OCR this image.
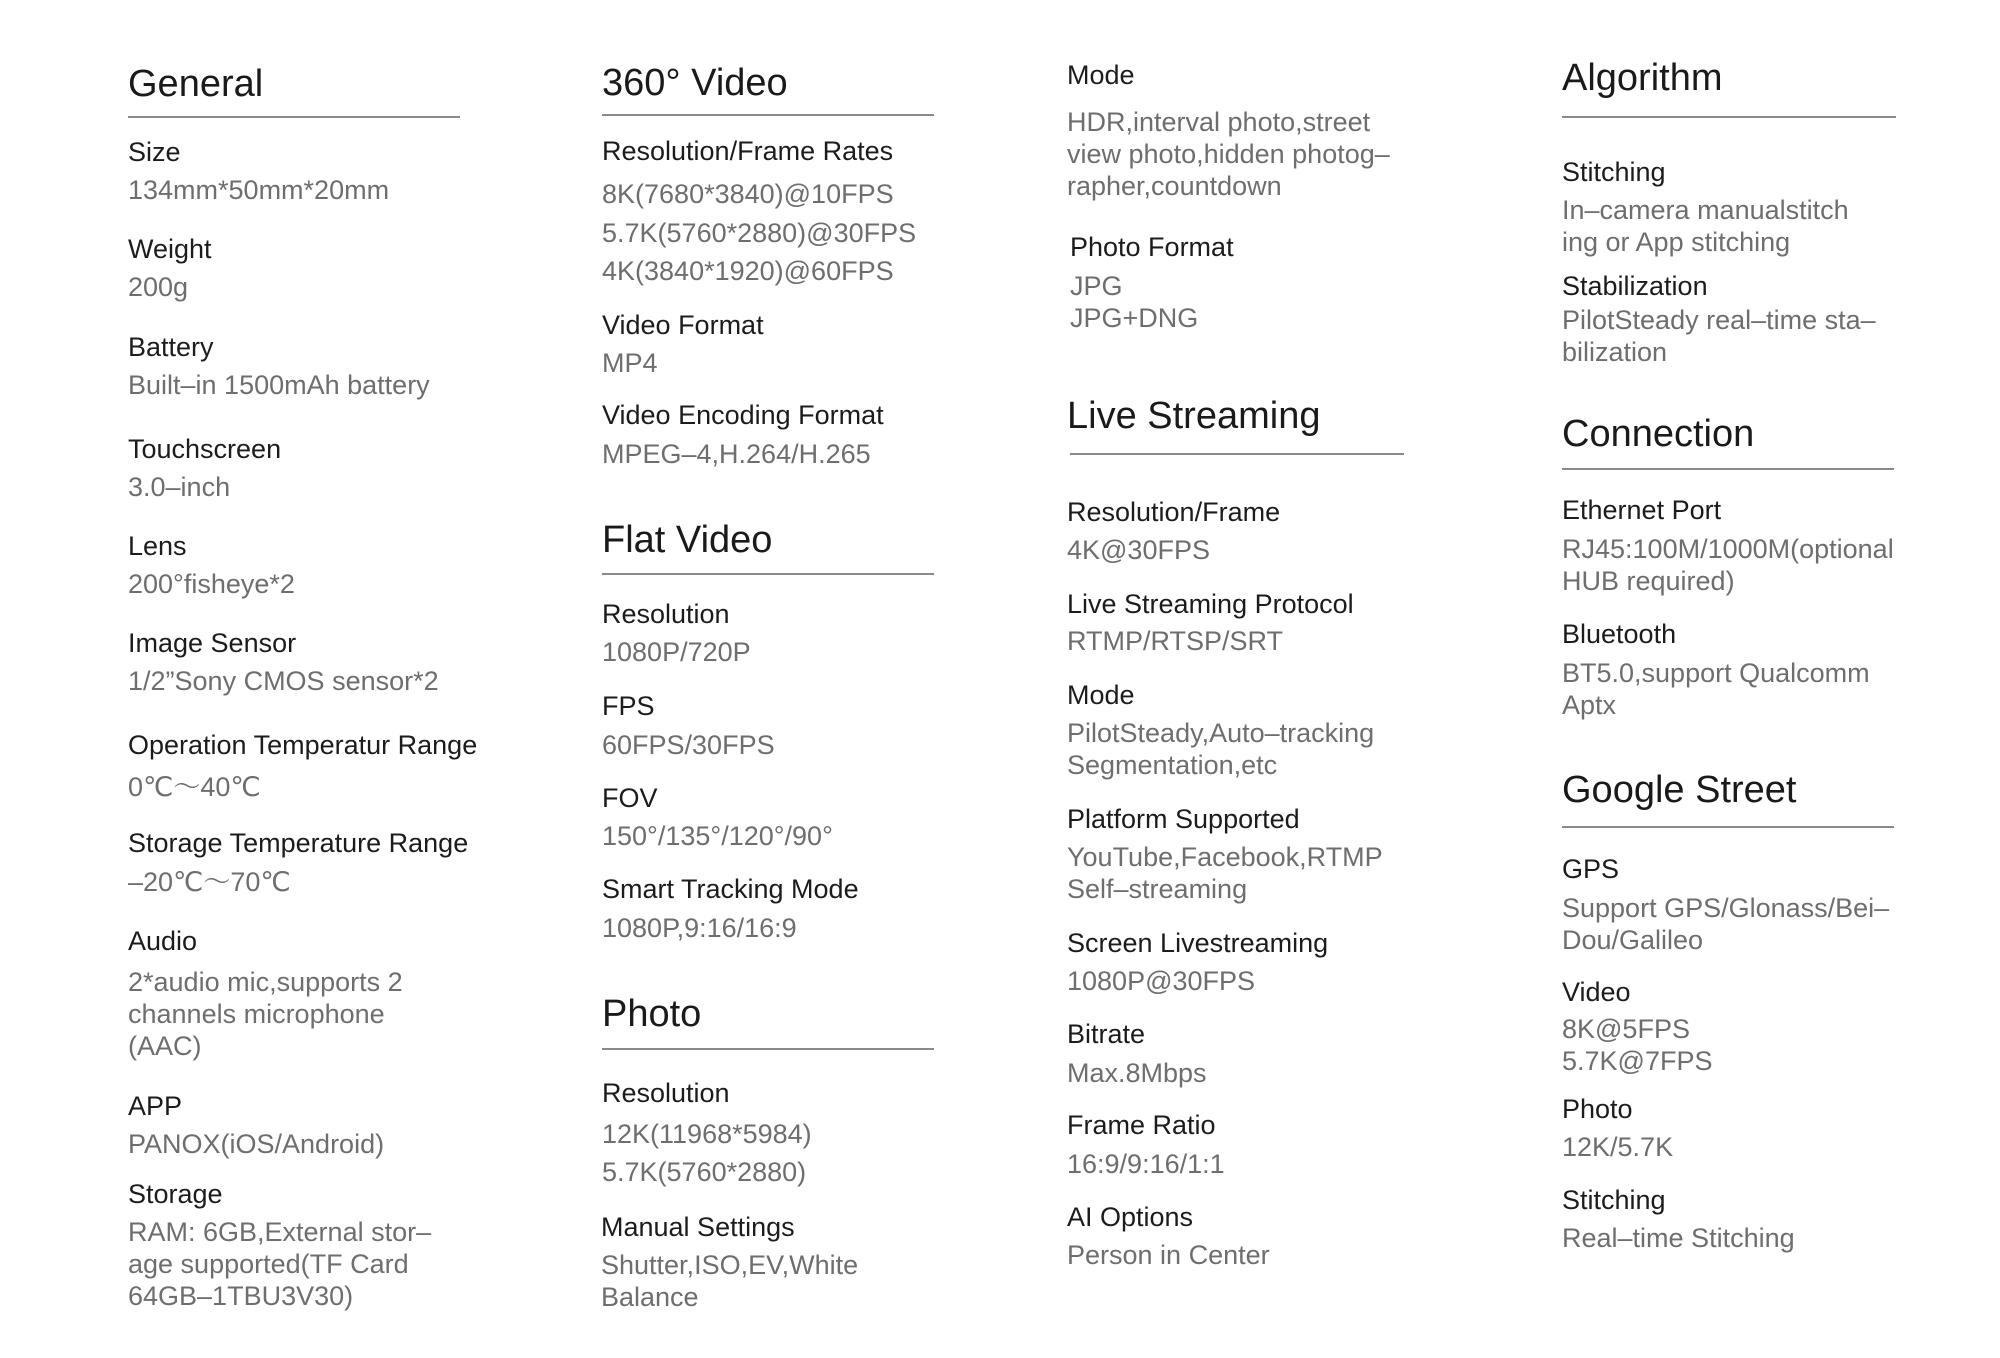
General
Size
134mm*50mm*20mm
Weight
200g
Battery
Built–in 1500mAh battery
Touchscreen
3.0–inch
Lens
200°fisheye*2
Image Sensor
1/2”Sony CMOS sensor*2
Operation Temperatur Range
0℃～40℃
Storage Temperature Range
–20℃～70℃
Audio
2*audio mic,supports 2
channels microphone
(AAC)
APP
PANOX(iOS/Android)
Storage
RAM: 6GB,External stor–
age supported(TF Card
64GB–1TBU3V30)
360° Video
Resolution/Frame Rates
8K(7680*3840)@10FPS
5.7K(5760*2880)@30FPS
4K(3840*1920)@60FPS
Video Format
MP4
Video Encoding Format
MPEG–4,H.264/H.265
Flat Video
Resolution
1080P/720P
FPS
60FPS/30FPS
FOV
150°/135°/120°/90°
Smart Tracking Mode
1080P,9:16/16:9
Photo
Resolution
12K(11968*5984)
5.7K(5760*2880)
Manual Settings
Shutter,ISO,EV,White
Balance
Mode
HDR,interval photo,street
view photo,hidden photog–
rapher,countdown
Photo Format
JPG
JPG+DNG
Live Streaming
Resolution/Frame
4K@30FPS
Live Streaming Protocol
RTMP/RTSP/SRT
Mode
PilotSteady,Auto–tracking
Segmentation,etc
Platform Supported
YouTube,Facebook,RTMP
Self–streaming
Screen Livestreaming
1080P@30FPS
Bitrate
Max.8Mbps
Frame Ratio
16:9/9:16/1:1
AI Options
Person in Center
Algorithm
Stitching
In–camera manualstitch
ing or App stitching
Stabilization
PilotSteady real–time sta–
bilization
Connection
Ethernet Port
RJ45:100M/1000M(optional
HUB required)
Bluetooth
BT5.0,support Qualcomm
Aptx
Google Street
GPS
Support GPS/Glonass/Bei–
Dou/Galileo
Video
8K@5FPS
5.7K@7FPS
Photo
12K/5.7K
Stitching
Real–time Stitching
